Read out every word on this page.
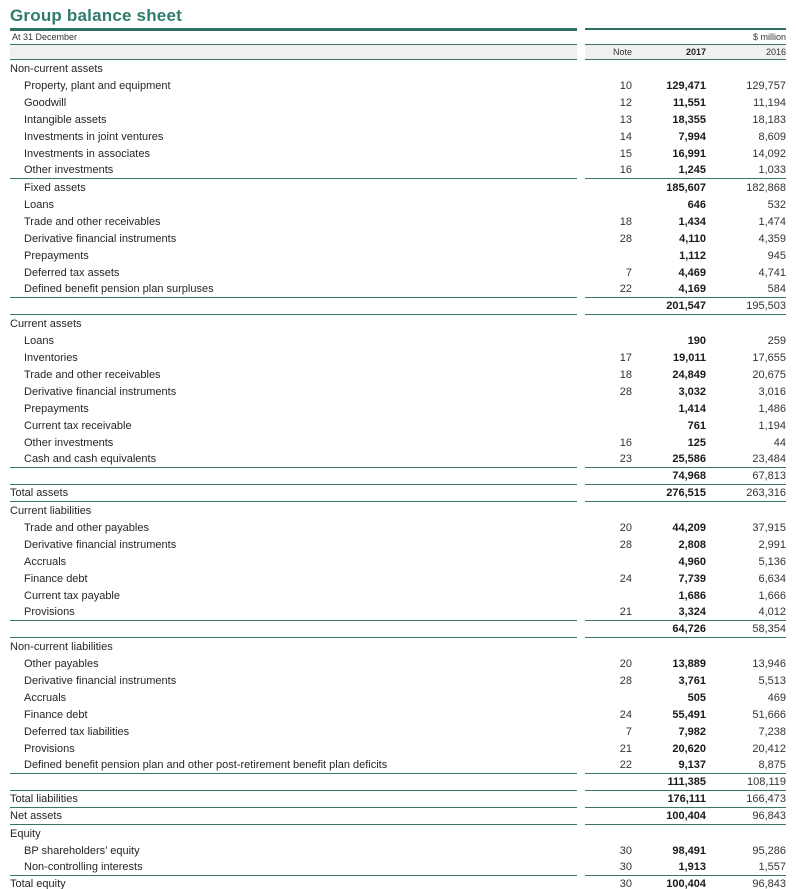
Group balance sheet
At 31 December	$ million
Note	2017	2016
Non-current assets
Property, plant and equipment	10	129,471	129,757
Goodwill	12	11,551	11,194
Intangible assets	13	18,355	18,183
Investments in joint ventures	14	7,994	8,609
Investments in associates	15	16,991	14,092
Other investments	16	1,245	1,033
Fixed assets	185,607	182,868
Loans	646	532
Trade and other receivables	18	1,434	1,474
Derivative financial instruments	28	4,110	4,359
Prepayments	1,112	945
Deferred tax assets	7	4,469	4,741
Defined benefit pension plan surpluses	22	4,169	584
201,547	195,503
Current assets
Loans	190	259
Inventories	17	19,011	17,655
Trade and other receivables	18	24,849	20,675
Derivative financial instruments	28	3,032	3,016
Prepayments	1,414	1,486
Current tax receivable	761	1,194
Other investments	16	125	44
Cash and cash equivalents	23	25,586	23,484
74,968	67,813
Total assets	276,515	263,316
Current liabilities
Trade and other payables	20	44,209	37,915
Derivative financial instruments	28	2,808	2,991
Accruals	4,960	5,136
Finance debt	24	7,739	6,634
Current tax payable	1,686	1,666
Provisions	21	3,324	4,012
64,726	58,354
Non-current liabilities
Other payables	20	13,889	13,946
Derivative financial instruments	28	3,761	5,513
Accruals	505	469
Finance debt	24	55,491	51,666
Deferred tax liabilities	7	7,982	7,238
Provisions	21	20,620	20,412
Defined benefit pension plan and other post-retirement benefit plan deficits	22	9,137	8,875
111,385	108,119
Total liabilities	176,111	166,473
Net assets	100,404	96,843
Equity
BP shareholders’ equity	30	98,491	95,286
Non-controlling interests	30	1,913	1,557
Total equity	30	100,404	96,843
